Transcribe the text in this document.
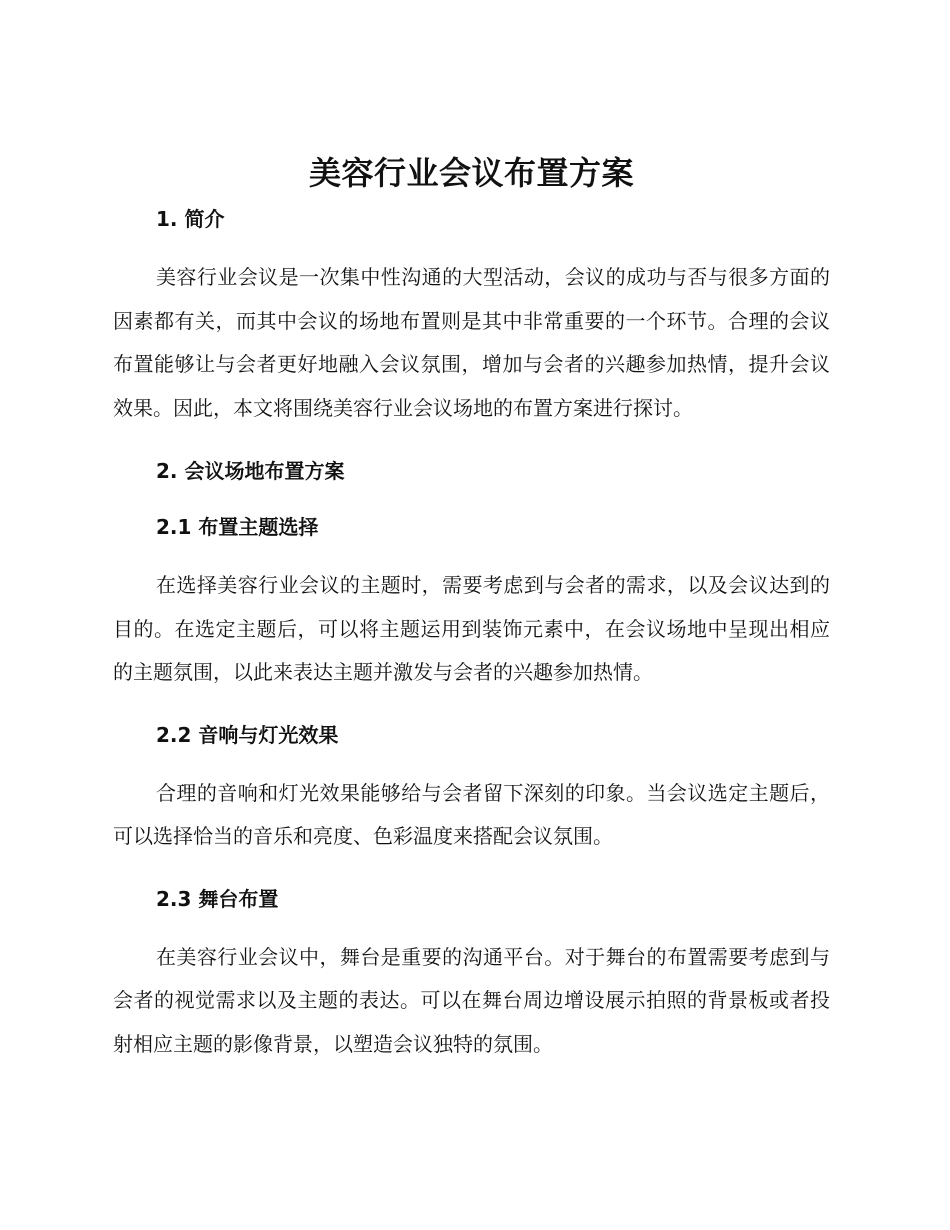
美容行业会议布置方案
1. 简介

美容行业会议是一次集中性沟通的大型活动，会议的成功与否与很多方面的因素都有关，而其中会议的场地布置则是其中非常重要的一个环节。合理的会议布置能够让与会者更好地融入会议氛围，增加与会者的兴趣参加热情，提升会议效果。因此，本文将围绕美容行业会议场地的布置方案进行探讨。

2. 会议场地布置方案
2.1 布置主题选择

在选择美容行业会议的主题时，需要考虑到与会者的需求，以及会议达到的目的。在选定主题后，可以将主题运用到装饰元素中，在会议场地中呈现出相应的主题氛围，以此来表达主题并激发与会者的兴趣参加热情。

2.2 音响与灯光效果

合理的音响和灯光效果能够给与会者留下深刻的印象。当会议选定主题后，可以选择恰当的音乐和亮度、色彩温度来搭配会议氛围。

2.3 舞台布置

在美容行业会议中，舞台是重要的沟通平台。对于舞台的布置需要考虑到与会者的视觉需求以及主题的表达。可以在舞台周边增设展示拍照的背景板或者投射相应主题的影像背景，以塑造会议独特的氛围。
